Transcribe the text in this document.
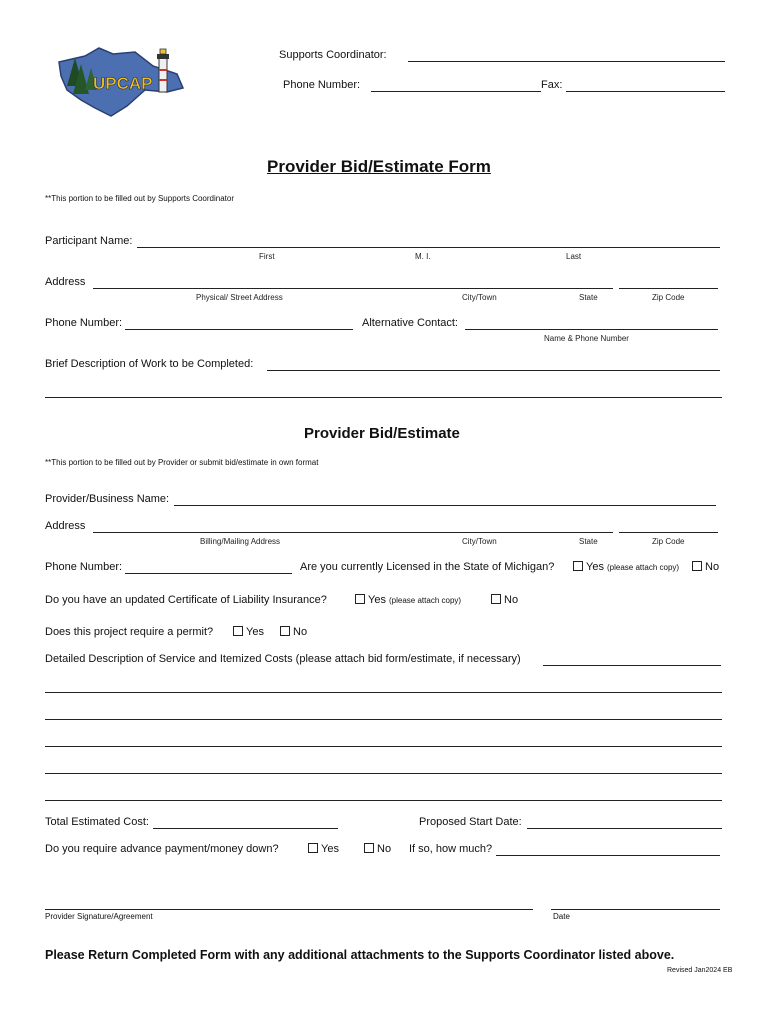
UPCAP
Supports Coordinator:
Phone Number:	Fax:
Provider Bid/Estimate Form
**This portion to be filled out by Supports Coordinator
Participant Name:
First	M. I.	Last
Address
Physical/ Street Address	City/Town	State	Zip Code
Phone Number:	Alternative Contact:
Name & Phone Number
Brief Description of Work to be Completed:
Provider Bid/Estimate
**This portion to be filled out by Provider or submit bid/estimate in own format
Provider/Business Name:
Address
Billing/Mailing Address	City/Town	State	Zip Code
Phone Number:	Are you currently Licensed in the State of Michigan?	Yes (please attach copy)	No
Do you have an updated Certificate of Liability Insurance?	Yes (please attach copy)	No
Does this project require a permit?	Yes	No
Detailed Description of Service and Itemized Costs (please attach bid form/estimate, if necessary)
Total Estimated Cost:	Proposed Start Date:
Do you require advance payment/money down?	Yes	No If so, how much?
Provider Signature/Agreement	Date
Please Return Completed Form with any additional attachments to the Supports Coordinator listed above.
Revised Jan2024 EB
